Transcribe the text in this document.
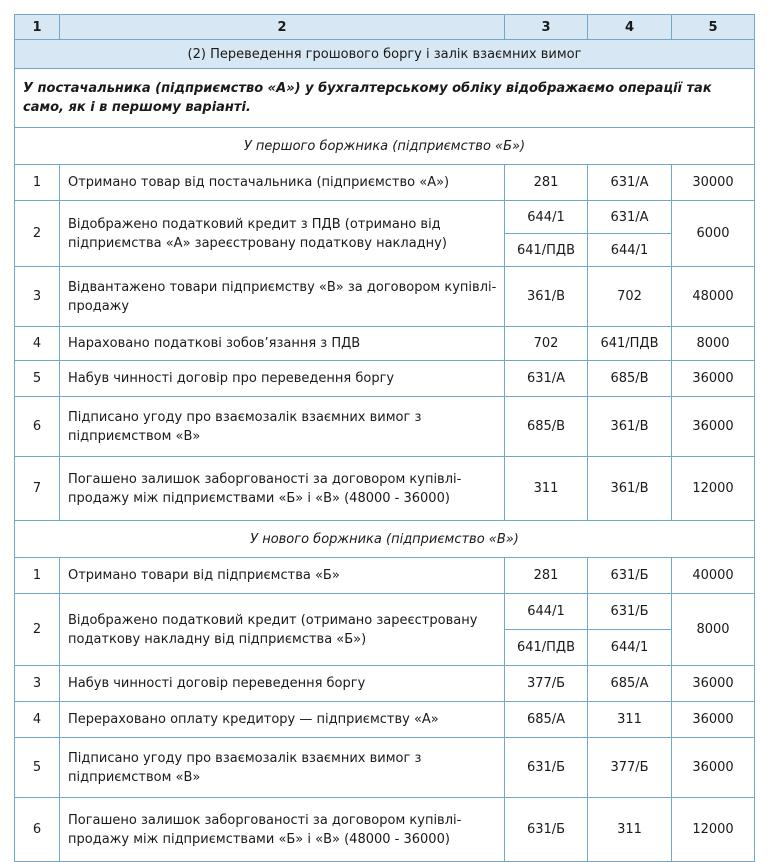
1	2	3	4	5
(2) Переведення грошового боргу і залік взаємних вимог				
У постачальника (підприємство «А») у бухгалтерському обліку відображаємо операції так само, як і в першому варіанті.				
У першого боржника (підприємство «Б»)				
1	Отримано товар від постачальника (підприємство «А»)	281	631/А	30000
2	Відображено податковий кредит з ПДВ (отримано від підприємства «А» зареєстровану податкову накладну)	644/1	631/А	6000
		641/ПДВ	644/1	
3	Відвантажено товари підприємству «В» за договором купівлі-продажу	361/В	702	48000
4	Нараховано податкові зобов’язання з ПДВ	702	641/ПДВ	8000
5	Набув чинності договір про переведення боргу	631/А	685/В	36000
6	Підписано угоду про взаємозалік взаємних вимог з підприємством «В»	685/В	361/В	36000
7	Погашено залишок заборгованості за договором купівлі-продажу між підприємствами «Б» і «В» (48000 - 36000)	311	361/В	12000
У нового боржника (підприємство «В»)				
1	Отримано товари від підприємства «Б»	281	631/Б	40000
2	Відображено податковий кредит (отримано зареєстровану податкову накладну від підприємства «Б»)	644/1	631/Б	8000
		641/ПДВ	644/1	
3	Набув чинності договір переведення боргу	377/Б	685/А	36000
4	Перераховано оплату кредитору — підприємству «А»	685/А	311	36000
5	Підписано угоду про взаємозалік взаємних вимог з підприємством «В»	631/Б	377/Б	36000
6	Погашено залишок заборгованості за договором купівлі-продажу між підприємствами «Б» і «В» (48000 - 36000)	631/Б	311	12000
